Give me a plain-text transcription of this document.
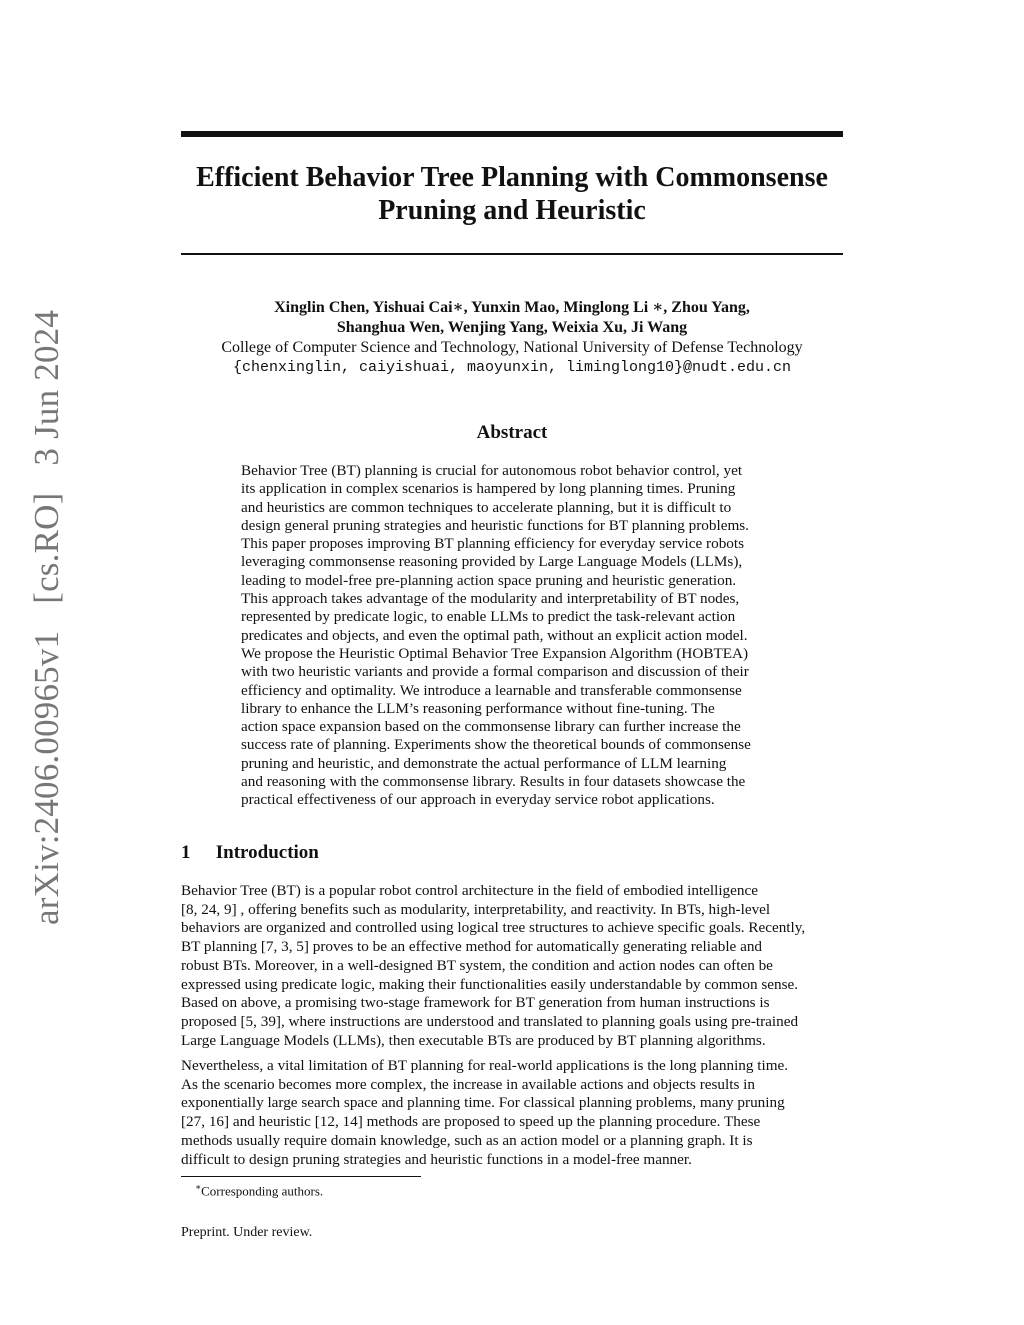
Efficient Behavior Tree Planning with Commonsense
Pruning and Heuristic
Xinglin Chen, Yishuai Cai∗, Yunxin Mao, Minglong Li ∗, Zhou Yang,
Shanghua Wen, Wenjing Yang, Weixia Xu, Ji Wang
College of Computer Science and Technology, National University of Defense Technology
{chenxinglin, caiyishuai, maoyunxin, liminglong10}@nudt.edu.cn
arXiv:2406.00965v1 [cs.RO] 3 Jun 2024	Abstract
Behavior Tree (BT) planning is crucial for autonomous robot behavior control, yet
its application in complex scenarios is hampered by long planning times. Pruning
and heuristics are common techniques to accelerate planning, but it is difficult to
design general pruning strategies and heuristic functions for BT planning problems.
This paper proposes improving BT planning efficiency for everyday service robots
leveraging commonsense reasoning provided by Large Language Models (LLMs),
leading to model-free pre-planning action space pruning and heuristic generation.
This approach takes advantage of the modularity and interpretability of BT nodes,
represented by predicate logic, to enable LLMs to predict the task-relevant action
predicates and objects, and even the optimal path, without an explicit action model.
We propose the Heuristic Optimal Behavior Tree Expansion Algorithm (HOBTEA)
with two heuristic variants and provide a formal comparison and discussion of their
efficiency and optimality. We introduce a learnable and transferable commonsense
library to enhance the LLM’s reasoning performance without fine-tuning. The
action space expansion based on the commonsense library can further increase the
success rate of planning. Experiments show the theoretical bounds of commonsense
pruning and heuristic, and demonstrate the actual performance of LLM learning
and reasoning with the commonsense library. Results in four datasets showcase the
practical effectiveness of our approach in everyday service robot applications.
1 Introduction
Behavior Tree (BT) is a popular robot control architecture in the field of embodied intelligence
[8, 24, 9] , offering benefits such as modularity, interpretability, and reactivity. In BTs, high-level
behaviors are organized and controlled using logical tree structures to achieve specific goals. Recently,
BT planning [7, 3, 5] proves to be an effective method for automatically generating reliable and
robust BTs. Moreover, in a well-designed BT system, the condition and action nodes can often be
expressed using predicate logic, making their functionalities easily understandable by common sense.
Based on above, a promising two-stage framework for BT generation from human instructions is
proposed [5, 39], where instructions are understood and translated to planning goals using pre-trained
Large Language Models (LLMs), then executable BTs are produced by BT planning algorithms.
Nevertheless, a vital limitation of BT planning for real-world applications is the long planning time.
As the scenario becomes more complex, the increase in available actions and objects results in
exponentially large search space and planning time. For classical planning problems, many pruning
[27, 16] and heuristic [12, 14] methods are proposed to speed up the planning procedure. These
methods usually require domain knowledge, such as an action model or a planning graph. It is
difficult to design pruning strategies and heuristic functions in a model-free manner.
∗Corresponding authors.
Preprint. Under review.
